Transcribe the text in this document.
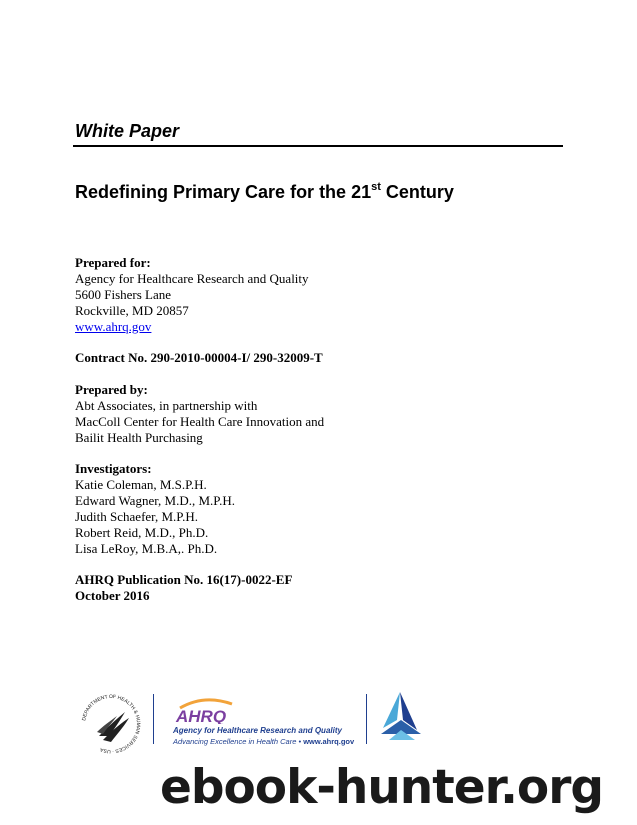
White Paper
Redefining Primary Care for the 21st Century
Prepared for:
Agency for Healthcare Research and Quality
5600 Fishers Lane
Rockville, MD 20857
www.ahrq.gov
Contract No. 290-2010-00004-I/ 290-32009-T
Prepared by:
Abt Associates, in partnership with
MacColl Center for Health Care Innovation and
Bailit Health Purchasing
Investigators:
Katie Coleman, M.S.P.H.
Edward Wagner, M.D., M.P.H.
Judith Schaefer, M.P.H.
Robert Reid, M.D., Ph.D.
Lisa LeRoy, M.B.A,. Ph.D.
AHRQ Publication No. 16(17)-0022-EF
October 2016
DEPARTMENT OF HEALTH & HUMAN SERVICES · USA
AHRQ
Agency for Healthcare Research and Quality
Advancing Excellence in Health Care • www.ahrq.gov
ebook-hunter.org
